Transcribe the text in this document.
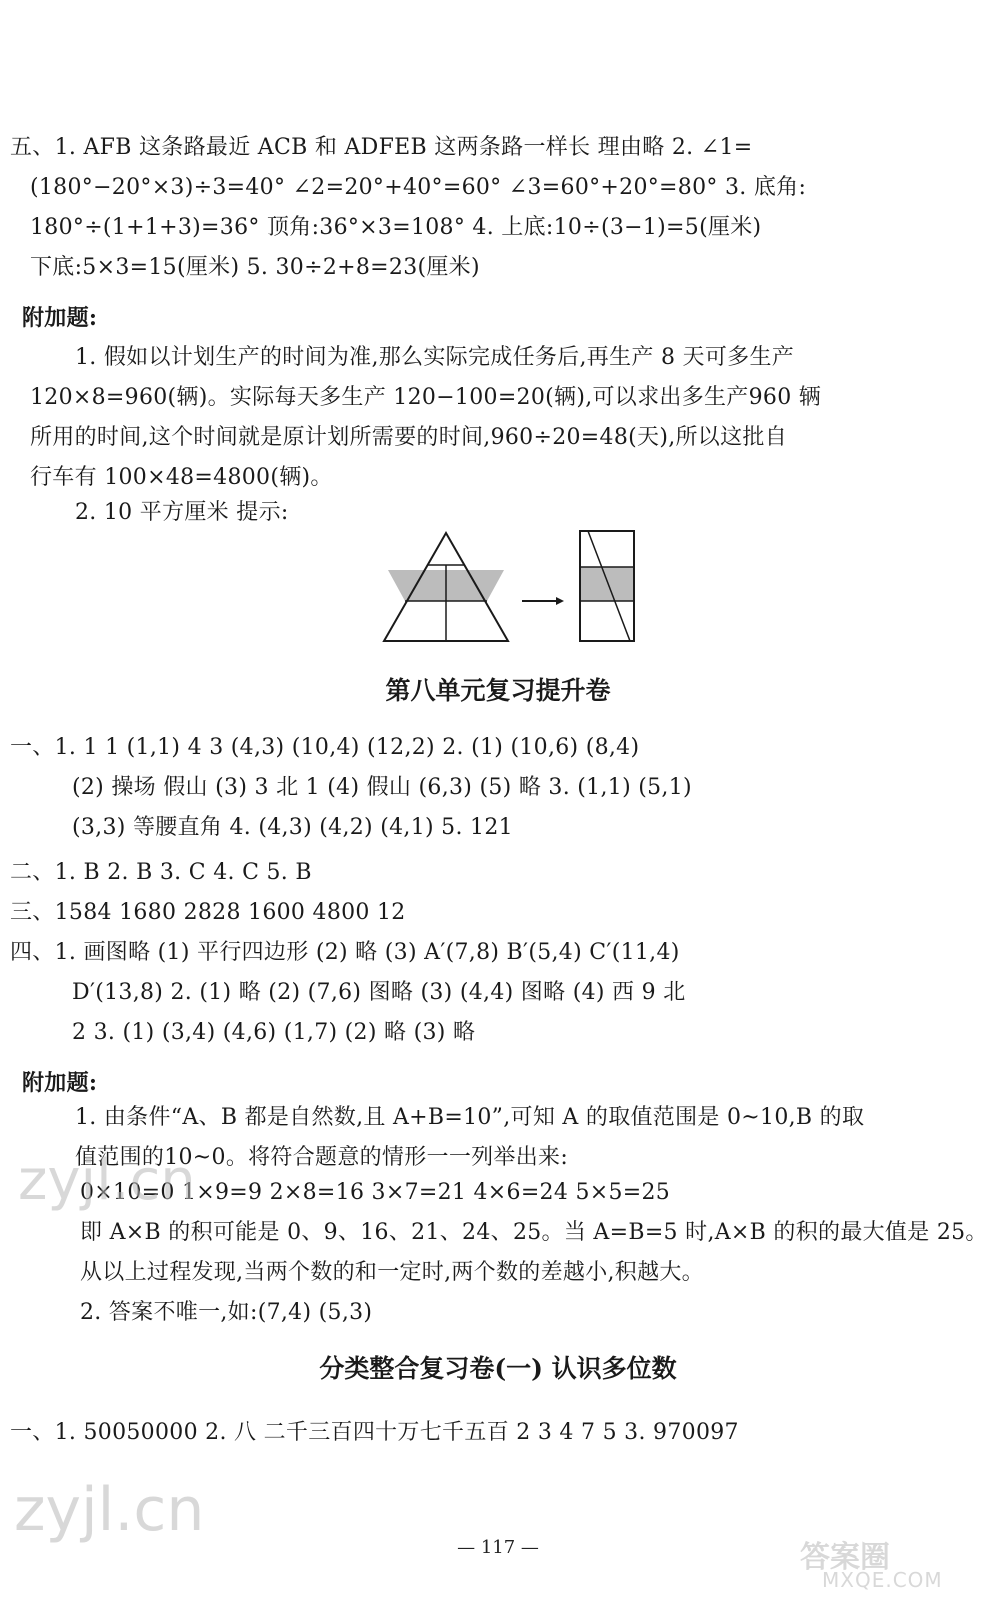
五、1. AFB 这条路最近 ACB 和 ADFEB 这两条路一样长 理由略 2. ∠1=
(180°−20°×3)÷3=40° ∠2=20°+40°=60° ∠3=60°+20°=80° 3. 底角:
180°÷(1+1+3)=36° 顶角:36°×3=108° 4. 上底:10÷(3−1)=5(厘米)
下底:5×3=15(厘米) 5. 30÷2+8=23(厘米)
附加题:
1. 假如以计划生产的时间为准,那么实际完成任务后,再生产 8 天可多生产
120×8=960(辆)。实际每天多生产 120−100=20(辆),可以求出多生产960 辆
所用的时间,这个时间就是原计划所需要的时间,960÷20=48(天),所以这批自
行车有 100×48=4800(辆)。
2. 10 平方厘米 提示:
第八单元复习提升卷
一、1. 1 1 (1,1) 4 3 (4,3) (10,4) (12,2) 2. (1) (10,6) (8,4)
(2) 操场 假山 (3) 3 北 1 (4) 假山 (6,3) (5) 略 3. (1,1) (5,1)
(3,3) 等腰直角 4. (4,3) (4,2) (4,1) 5. 121
二、1. B 2. B 3. C 4. C 5. B
三、1584 1680 2828 1600 4800 12
四、1. 画图略 (1) 平行四边形 (2) 略 (3) A′(7,8) B′(5,4) C′(11,4)
D′(13,8) 2. (1) 略 (2) (7,6) 图略 (3) (4,4) 图略 (4) 西 9 北
2 3. (1) (3,4) (4,6) (1,7) (2) 略 (3) 略
附加题:
1. 由条件“A、B 都是自然数,且 A+B=10”,可知 A 的取值范围是 0~10,B 的取
值范围的10~0。将符合题意的情形一一列举出来:
0×10=0 1×9=9 2×8=16 3×7=21 4×6=24 5×5=25
即 A×B 的积可能是 0、9、16、21、24、25。当 A=B=5 时,A×B 的积的最大值是 25。
从以上过程发现,当两个数的和一定时,两个数的差越小,积越大。
2. 答案不唯一,如:(7,4) (5,3)
分类整合复习卷(一) 认识多位数
一、1. 50050000 2. 八 二千三百四十万七千五百 2 3 4 7 5 3. 970097
— 117 —
zyjl.cn
zyjl.cn
答案圈
MXQE.COM
